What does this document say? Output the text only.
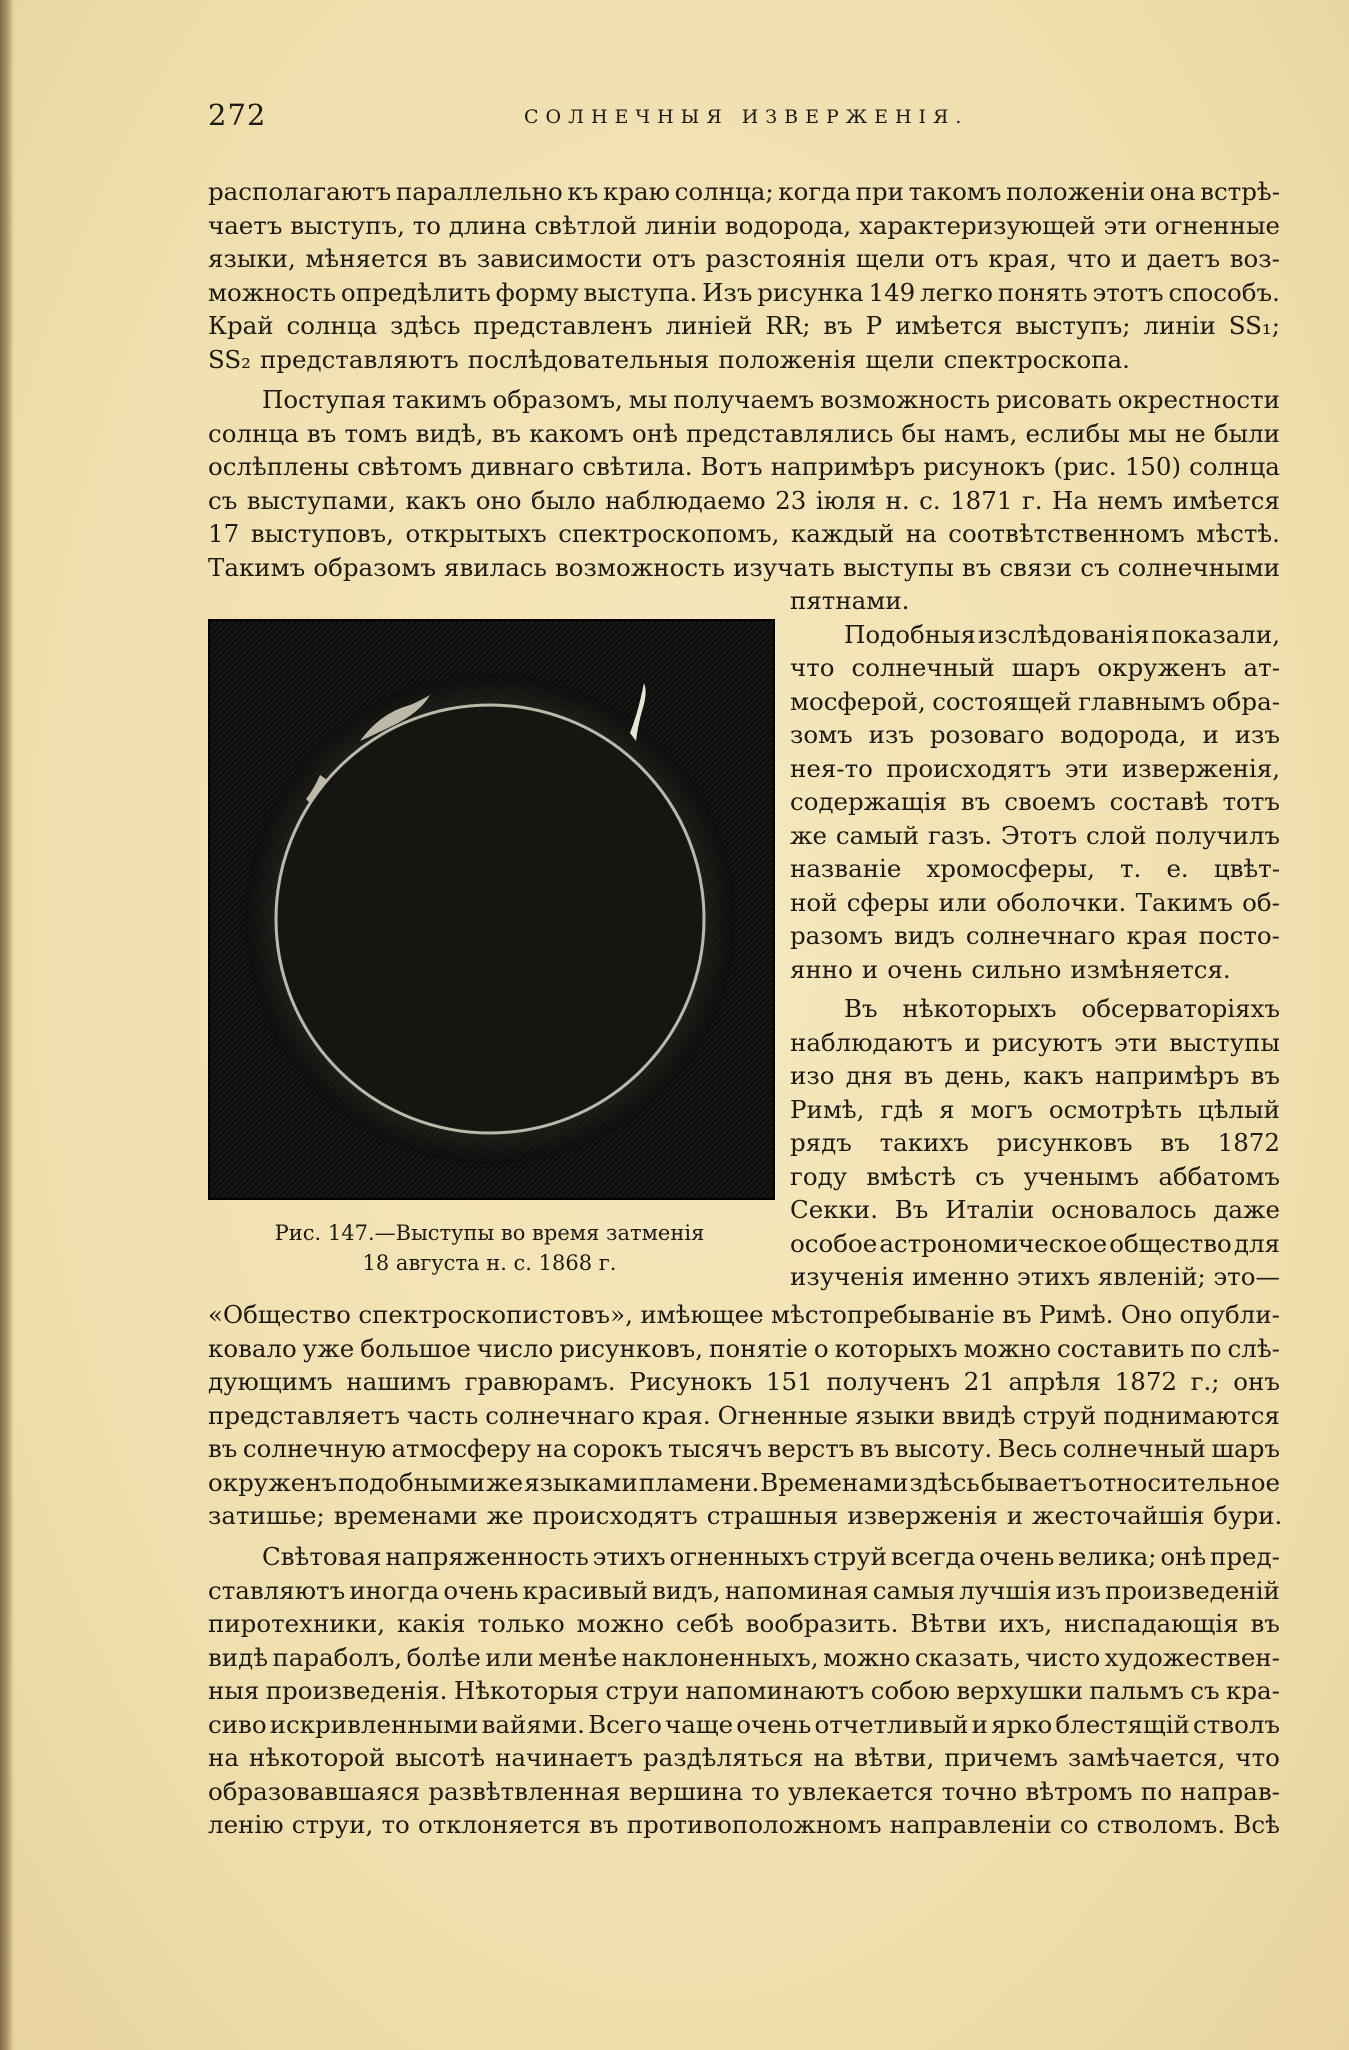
272	СОЛНЕЧНЫЯ ИЗВЕРЖЕНІЯ.
располагаютъ параллельно къ краю солнца; когда при такомъ положеніи она встрѣ-
чаетъ выступъ, то длина свѣтлой линіи водорода, характеризующей эти огненные
языки, мѣняется въ зависимости отъ разстоянія щели отъ края, что и даетъ воз-
можность опредѣлить форму выступа. Изъ рисунка 149 легко понять этотъ способъ.
Край солнца здѣсь представленъ линіей RR; въ P имѣется выступъ; линіи SS₁;
SS₂ представляютъ послѣдовательныя положенія щели спектроскопа.
Поступая такимъ образомъ, мы получаемъ возможность рисовать окрестности
солнца въ томъ видѣ, въ какомъ онѣ представлялись бы намъ, еслибы мы не были
ослѣплены свѣтомъ дивнаго свѣтила. Вотъ напримѣръ рисунокъ (рис. 150) солнца
съ выступами, какъ оно было наблюдаемо 23 іюля н. с. 1871 г. На немъ имѣется
17 выступовъ, открытыхъ спектроскопомъ, каждый на соотвѣтственномъ мѣстѣ.
Такимъ образомъ явилась возможность изучать выступы въ связи съ солнечными
пятнами.
Подобныя изслѣдованія показали,
что солнечный шаръ окруженъ ат-
мосферой, состоящей главнымъ обра-
зомъ изъ розоваго водорода, и изъ
нея-то происходятъ эти изверженія,
содержащія въ своемъ составѣ тотъ
же самый газъ. Этотъ слой получилъ
названіе хромосферы, т. е. цвѣт-
ной сферы или оболочки. Такимъ об-
разомъ видъ солнечнаго края посто-
янно и очень сильно измѣняется.
Въ нѣкоторыхъ обсерваторіяхъ
наблюдаютъ и рисуютъ эти выступы
изо дня въ день, какъ напримѣръ въ
Римѣ, гдѣ я могъ осмотрѣть цѣлый
рядъ такихъ рисунковъ въ 1872
году вмѣстѣ съ ученымъ аббатомъ
Секки. Въ Италіи основалось даже
особое астрономическое общество для
изученія именно этихъ явленій; это—
Рис. 147.—Выступы во время затменія
18 августа н. с. 1868 г.
«Общество спектроскопистовъ», имѣющее мѣстопребываніе въ Римѣ. Оно опубли-
ковало уже большое число рисунковъ, понятіе о которыхъ можно составить по слѣ-
дующимъ нашимъ гравюрамъ. Рисунокъ 151 полученъ 21 апрѣля 1872 г.; онъ
представляетъ часть солнечнаго края. Огненные языки ввидѣ струй поднимаются
въ солнечную атмосферу на сорокъ тысячъ верстъ въ высоту. Весь солнечный шаръ
окруженъ подобными же языками пламени. Временами здѣсь бываетъ относительное
затишье; временами же происходятъ страшныя изверженія и жесточайшія бури.
Свѣтовая напряженность этихъ огненныхъ струй всегда очень велика; онѣ пред-
ставляютъ иногда очень красивый видъ, напоминая самыя лучшія изъ произведеній
пиротехники, какія только можно себѣ вообразить. Вѣтви ихъ, ниспадающія въ
видѣ параболъ, болѣе или менѣе наклоненныхъ, можно сказать, чисто художествен-
ныя произведенія. Нѣкоторыя струи напоминаютъ собою верхушки пальмъ съ кра-
сиво искривленными вайями. Всего чаще очень отчетливый и ярко блестящій стволъ
на нѣкоторой высотѣ начинаетъ раздѣляться на вѣтви, причемъ замѣчается, что
образовавшаяся развѣтвленная вершина то увлекается точно вѣтромъ по направ-
ленію струи, то отклоняется въ противоположномъ направленіи со стволомъ. Всѣ
